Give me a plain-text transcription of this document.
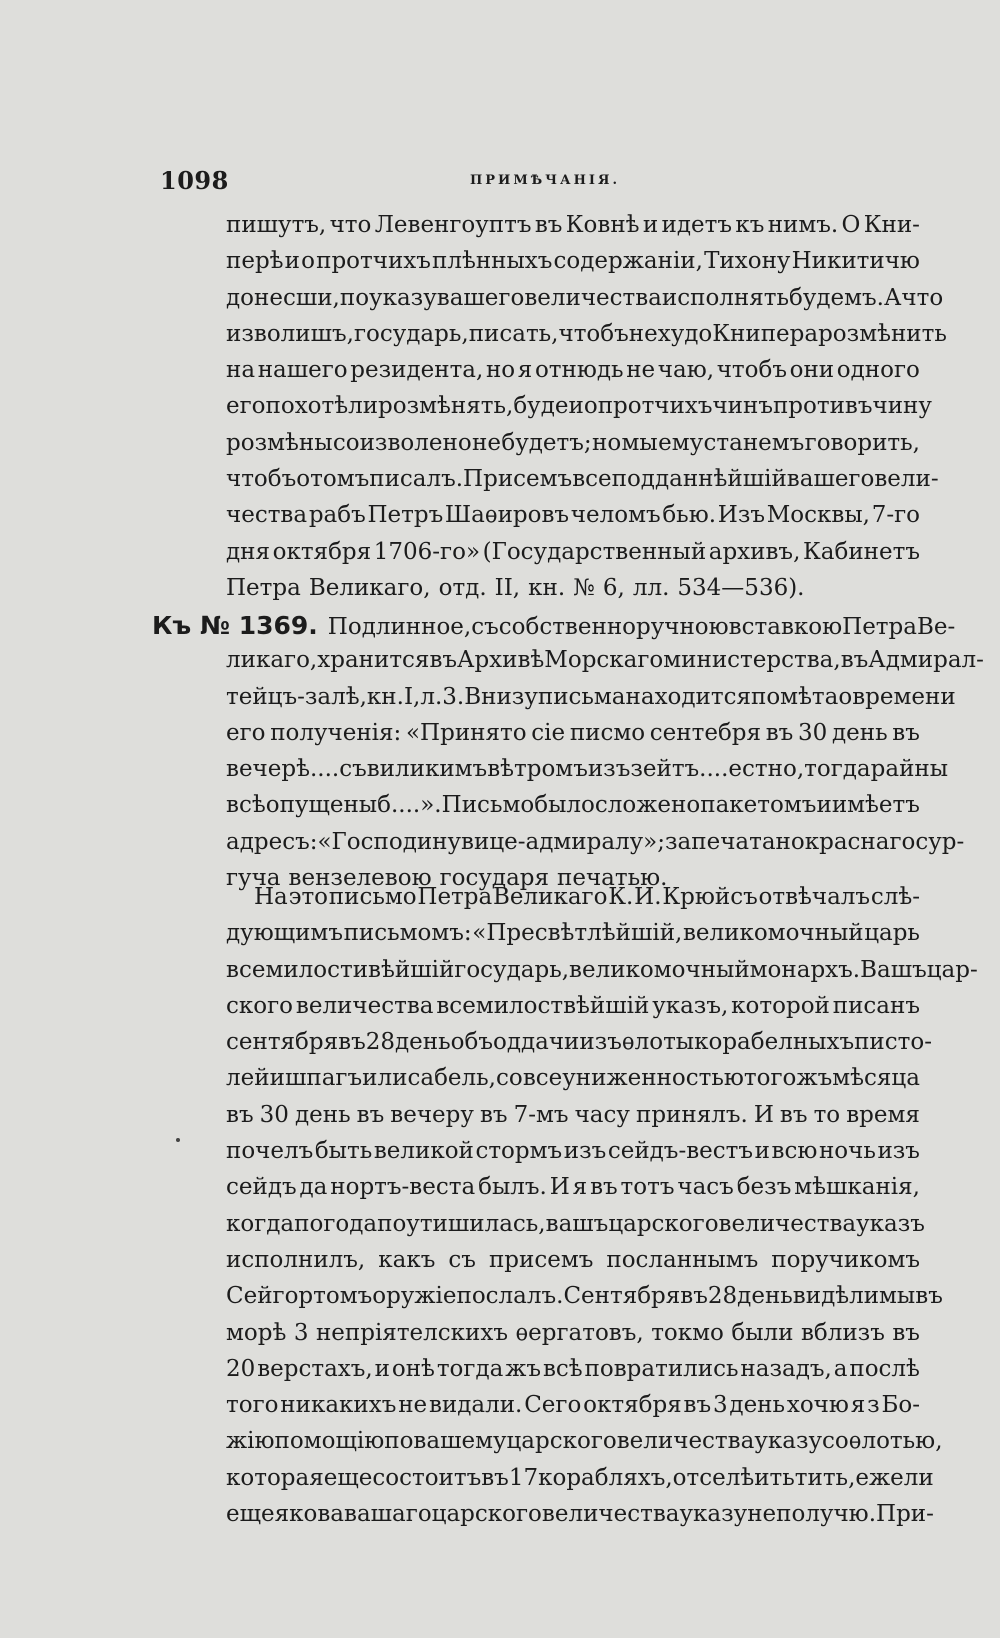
1098	ПРИМѢЧАНІЯ.
пишутъ, что Левенгоуптъ въ Ковнѣ и идетъ къ нимъ. О Кни-
перѣ и о протчихъ плѣнныхъ содержаніи, Тихону Никитичю
донесши, по указу вашего величества исполнять будемъ. А что
изволишъ, государь, писать, что бъ не худо Книпера розмѣнить
на нашего резидента, но я отнюдь не чаю, чтобъ они одного
его похотѣли розмѣнять, буде и о протчихъ чинъ противъ чину
розмѣны соизволено не будетъ; но мы ему станемъ говорить,
чтобъ о томъ писалъ. Присемъ всеподданнѣйшій вашего вели-
чества рабъ Петръ Шаѳировъ челомъ бью. Изъ Москвы, 7-го
дня октября 1706-го» (Государственный архивъ, Кабинетъ
Петра Великаго, отд. II, кн. № 6, лл. 534—536).
Къ № 1369. Подлинное, съ собственноручною вставкою Петра Ве-
ликаго, хранится въ Архивѣ Морскаго министерства, въ Адмирал-
тейцъ-залѣ, кн. I, л. 3. Внизу письма находится помѣта о времени
его полученія: «Принято сіе писмо сентебря въ 30 день въ
вечерѣ....съ виликимъ вѣтромъ изъ зейтъ....естно, тогда райны
всѣ опущены б....». Письмо было сложено пакетомъ и имѣетъ
адресъ: «Господину вице-адмиралу»; запечатано краснаго сур-
гуча вензелевою государя печатью.
На это письмо Петра Великаго К. И. Крюйсъ отвѣчалъ слѣ-
дующимъ письмомъ: «Пресвѣтлѣйшій, великомочный царь
всемилостивѣйшій государь, великомочный монархъ. Вашъ цар-
ского величества всемилоствѣйшій указъ, которой писанъ
сентября въ 28 день объ оддачи изъ ѳлоты корабелныхъ писто-
лей и шпагъ или сабель, со всеуниженностью того жъ мѣсяца
въ 30 день въ вечеру въ 7-мъ часу принялъ. И въ то время
почелъ быть великой стормъ изъ сейдъ-вестъ и всю ночь изъ
сейдъ да нортъ-веста былъ. И я въ тотъ часъ безъ мѣшканія,
когда погода поутишилась, вашъ царского величества указъ
исполнилъ, какъ съ присемъ посланнымъ поручикомъ
Сейгортомъ оружіе послалъ. Сентября въ 28 день видѣли мы въ
морѣ 3 непріятелскихъ ѳергатовъ, токмо были вблизъ въ
20 верстахъ, и онѣ тогда жъ всѣ повратились назадъ, а послѣ
того никакихъ не видали. Сего октября въ 3 день хочю я з Бо-
жію помощію по вашему царского величества указу со ѳлотью,
которая еще состоитъ въ 17 корабляхъ, отселѣ итьтить, ежели
еще якова вашаго царского величества указу не получю. При-
